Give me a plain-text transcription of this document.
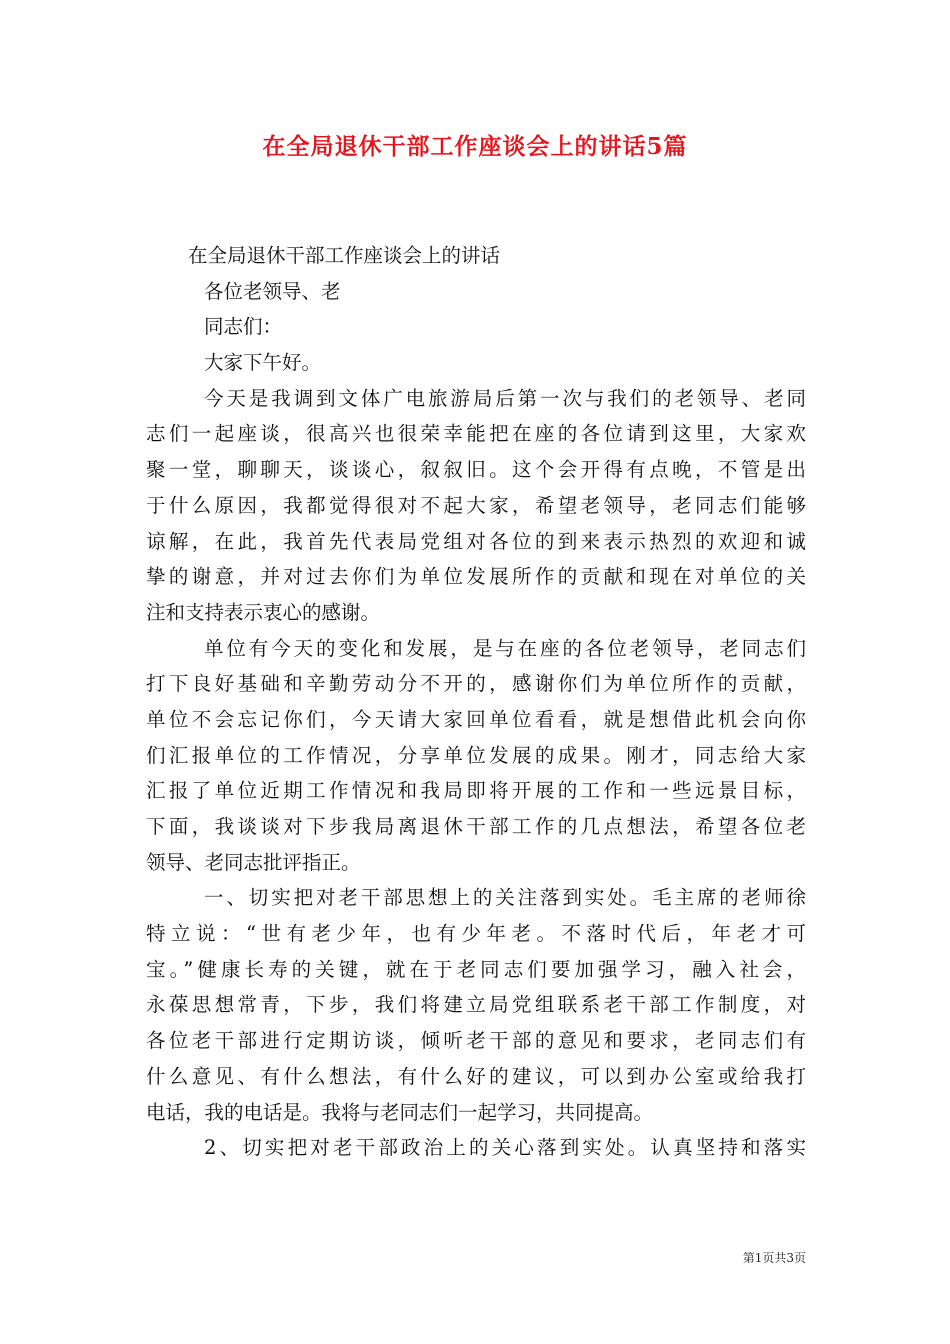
在全局退休干部工作座谈会上的讲话5篇
在全局退休干部工作座谈会上的讲话
各位老领导、老
同志们：
大家下午好。
今天是我调到文体广电旅游局后第一次与我们的老领导、老同
志们一起座谈，很高兴也很荣幸能把在座的各位请到这里，大家欢
聚一堂，聊聊天，谈谈心，叙叙旧。这个会开得有点晚，不管是出
于什么原因，我都觉得很对不起大家，希望老领导，老同志们能够
谅解，在此，我首先代表局党组对各位的到来表示热烈的欢迎和诚
挚的谢意，并对过去你们为单位发展所作的贡献和现在对单位的关
注和支持表示衷心的感谢。
单位有今天的变化和发展，是与在座的各位老领导，老同志们
打下良好基础和辛勤劳动分不开的，感谢你们为单位所作的贡献，
单位不会忘记你们，今天请大家回单位看看，就是想借此机会向你
们汇报单位的工作情况，分享单位发展的成果。刚才，同志给大家
汇报了单位近期工作情况和我局即将开展的工作和一些远景目标，
下面，我谈谈对下步我局离退休干部工作的几点想法，希望各位老
领导、老同志批评指正。
一、切实把对老干部思想上的关注落到实处。毛主席的老师徐
特立说：“世有老少年，也有少年老。不落时代后，年老才可
宝。”健康长寿的关键，就在于老同志们要加强学习，融入社会，
永葆思想常青，下步，我们将建立局党组联系老干部工作制度，对
各位老干部进行定期访谈，倾听老干部的意见和要求，老同志们有
什么意见、有什么想法，有什么好的建议，可以到办公室或给我打
电话，我的电话是。我将与老同志们一起学习，共同提高。
2、切实把对老干部政治上的关心落到实处。认真坚持和落实
第1页共3页
